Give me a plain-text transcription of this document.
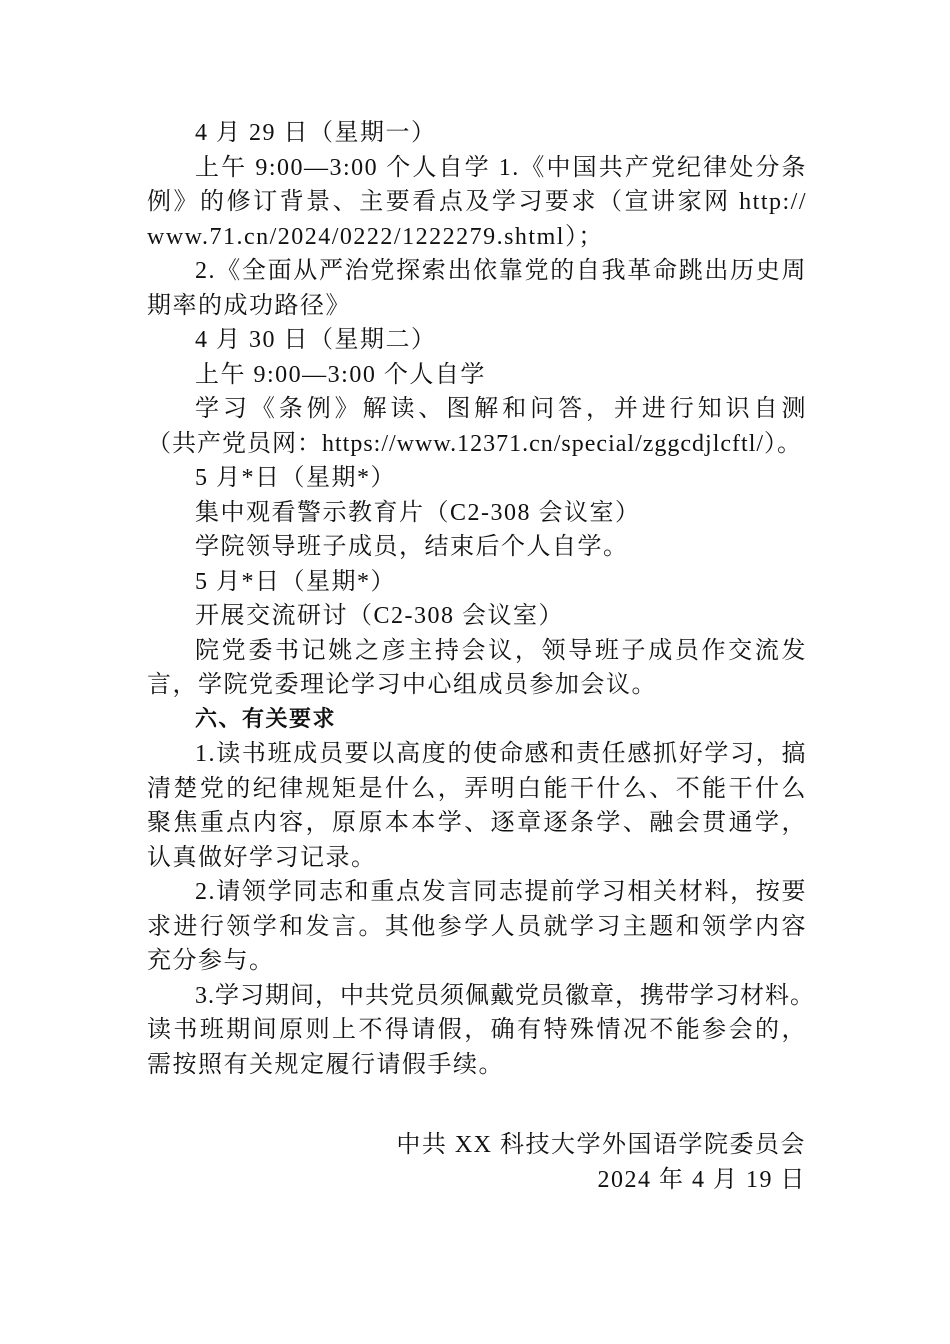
4 月 29 日（星期一）
上午 9:00—3:00 个人自学 1.《中国共产党纪律处分条
例》的修订背景、主要看点及学习要求（宣讲家网 http://
www.71.cn/2024/0222/1222279.shtml）；
2.《全面从严治党探索出依靠党的自我革命跳出历史周
期率的成功路径》
4 月 30 日（星期二）
上午 9:00—3:00 个人自学
学习《条例》解读、图解和问答，并进行知识自测
（共产党员网：https://www.12371.cn/special/zggcdjlcftl/）。
5 月*日（星期*）
集中观看警示教育片（C2-308 会议室）
学院领导班子成员，结束后个人自学。
5 月*日（星期*）
开展交流研讨（C2-308 会议室）
院党委书记姚之彦主持会议，领导班子成员作交流发
言，学院党委理论学习中心组成员参加会议。
六、有关要求
1.读书班成员要以高度的使命感和责任感抓好学习，搞
清楚党的纪律规矩是什么，弄明白能干什么、不能干什么
聚焦重点内容，原原本本学、逐章逐条学、融会贯通学，
认真做好学习记录。
2.请领学同志和重点发言同志提前学习相关材料，按要
求进行领学和发言。其他参学人员就学习主题和领学内容
充分参与。
3.学习期间，中共党员须佩戴党员徽章，携带学习材料。
读书班期间原则上不得请假，确有特殊情况不能参会的，
需按照有关规定履行请假手续。
中共 XX 科技大学外国语学院委员会
2024 年 4 月 19 日
